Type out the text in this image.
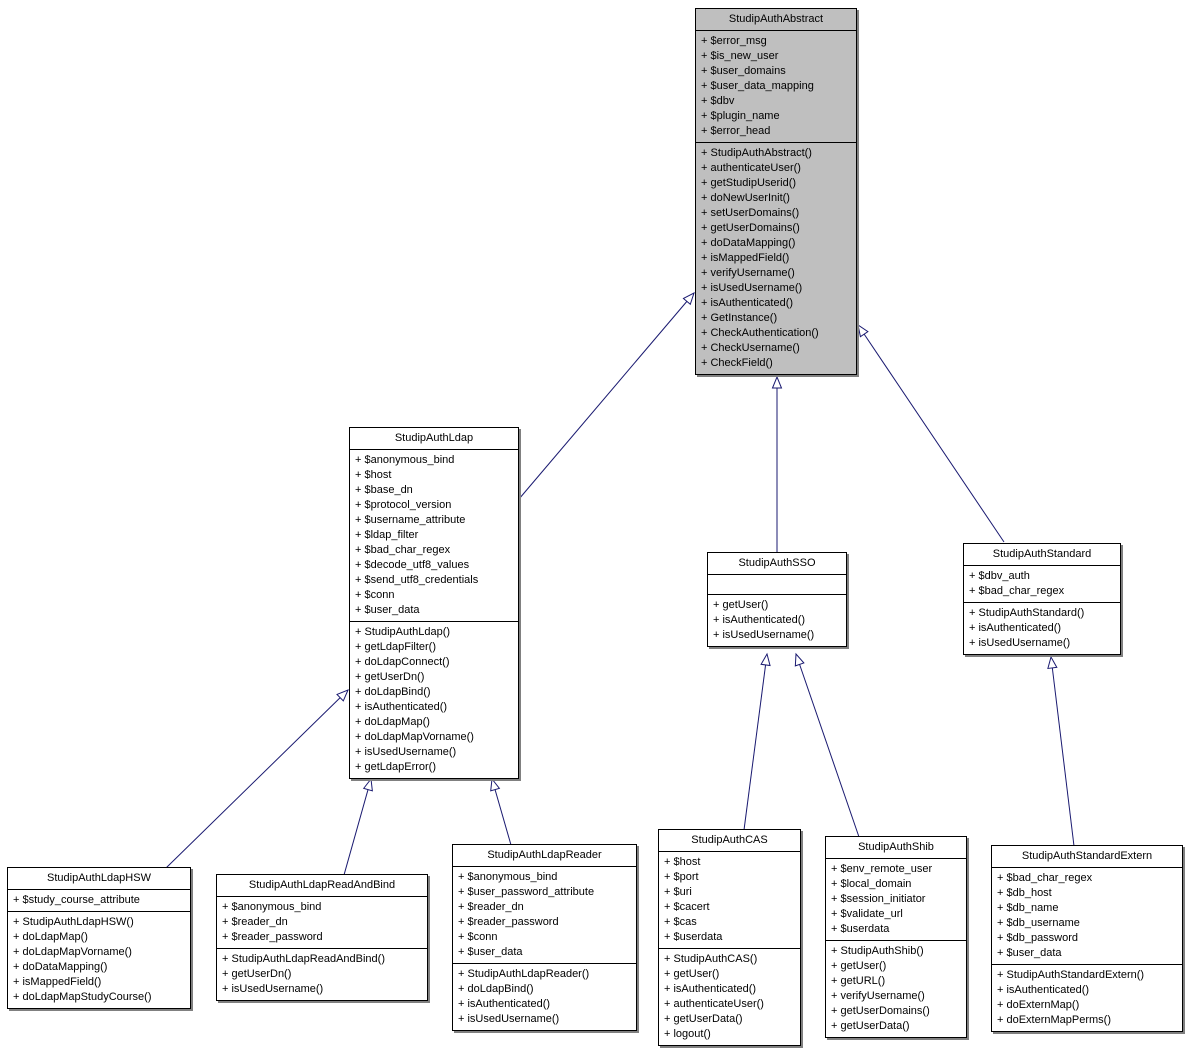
StudipAuthAbstract
+ $error_msg
+ $is_new_user
+ $user_domains
+ $user_data_mapping
+ $dbv
+ $plugin_name
+ $error_head
+ StudipAuthAbstract()
+ authenticateUser()
+ getStudipUserid()
+ doNewUserInit()
+ setUserDomains()
+ getUserDomains()
+ doDataMapping()
+ isMappedField()
+ verifyUsername()
+ isUsedUsername()
+ isAuthenticated()
+ GetInstance()
+ CheckAuthentication()
+ CheckUsername()
+ CheckField()
StudipAuthLdap
+ $anonymous_bind
+ $host
+ $base_dn
+ $protocol_version
+ $username_attribute
+ $ldap_filter
+ $bad_char_regex
+ $decode_utf8_values
+ $send_utf8_credentials
+ $conn
+ $user_data
+ StudipAuthLdap()
+ getLdapFilter()
+ doLdapConnect()
+ getUserDn()
+ doLdapBind()
+ isAuthenticated()
+ doLdapMap()
+ doLdapMapVorname()
+ isUsedUsername()
+ getLdapError()
StudipAuthSSO
+ getUser()
+ isAuthenticated()
+ isUsedUsername()
StudipAuthStandard
+ $dbv_auth
+ $bad_char_regex
+ StudipAuthStandard()
+ isAuthenticated()
+ isUsedUsername()
StudipAuthLdapHSW
+ $study_course_attribute
+ StudipAuthLdapHSW()
+ doLdapMap()
+ doLdapMapVorname()
+ doDataMapping()
+ isMappedField()
+ doLdapMapStudyCourse()
StudipAuthLdapReadAndBind
+ $anonymous_bind
+ $reader_dn
+ $reader_password
+ StudipAuthLdapReadAndBind()
+ getUserDn()
+ isUsedUsername()
StudipAuthLdapReader
+ $anonymous_bind
+ $user_password_attribute
+ $reader_dn
+ $reader_password
+ $conn
+ $user_data
+ StudipAuthLdapReader()
+ doLdapBind()
+ isAuthenticated()
+ isUsedUsername()
StudipAuthCAS
+ $host
+ $port
+ $uri
+ $cacert
+ $cas
+ $userdata
+ StudipAuthCAS()
+ getUser()
+ isAuthenticated()
+ authenticateUser()
+ getUserData()
+ logout()
StudipAuthShib
+ $env_remote_user
+ $local_domain
+ $session_initiator
+ $validate_url
+ $userdata
+ StudipAuthShib()
+ getUser()
+ getURL()
+ verifyUsername()
+ getUserDomains()
+ getUserData()
StudipAuthStandardExtern
+ $bad_char_regex
+ $db_host
+ $db_name
+ $db_username
+ $db_password
+ $user_data
+ StudipAuthStandardExtern()
+ isAuthenticated()
+ doExternMap()
+ doExternMapPerms()
